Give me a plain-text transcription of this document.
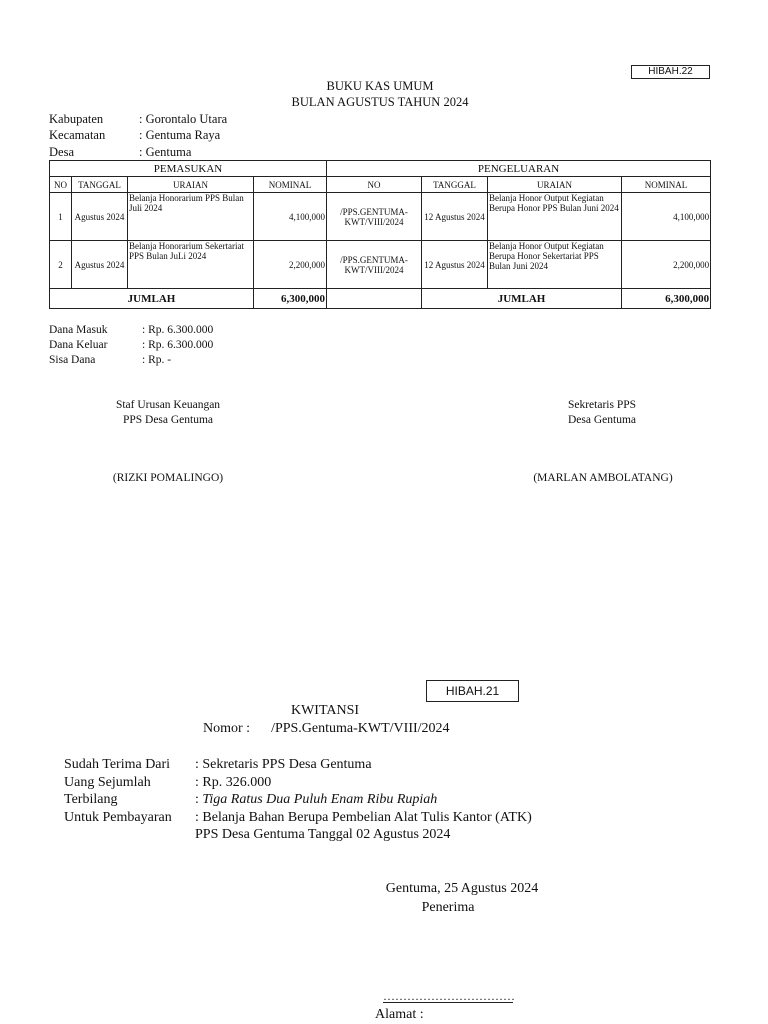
HIBAH.22
BUKU KAS UMUM
BULAN AGUSTUS TAHUN 2024
Kabupaten	: Gorontalo Utara
Kecamatan	: Gentuma Raya
Desa	: Gentuma
PEMASUKAN				PENGELUARAN			
NO	TANGGAL	URAIAN	NOMINAL	NO	TANGGAL	URAIAN	NOMINAL
1	Agustus 2024	Belanja Honorarium PPS Bulan Juli 2024	4,100,000	/PPS.GENTUMA-KWT/VIII/2024	12 Agustus 2024	Belanja Honor Output Kegiatan Berupa Honor PPS Bulan Juni 2024	4,100,000
2	Agustus 2024	Belanja Honorarium Sekertariat PPS Bulan JuLi 2024	2,200,000	/PPS.GENTUMA-KWT/VIII/2024	12 Agustus 2024	Belanja Honor Output Kegiatan Berupa Honor Sekertariat PPS Bulan Juni 2024	2,200,000
JUMLAH			6,300,000		JUMLAH		6,300,000
Dana Masuk	: Rp. 6.300.000
Dana Keluar	: Rp. 6.300.000
Sisa Dana	: Rp. -
Staf Urusan Keuangan
PPS Desa Gentuma
(RIZKI POMALINGO)
Sekretaris PPS
Desa Gentuma
(MARLAN AMBOLATANG)
HIBAH.21
KWITANSI
Nomor : /PPS.Gentuma-KWT/VIII/2024
Sudah Terima Dari : Sekretaris PPS Desa Gentuma
Uang Sejumlah	: Rp. 326.000
Terbilang	: Tiga Ratus Dua Puluh Enam Ribu Rupiah
Untuk Pembayaran : Belanja Bahan Berupa Pembelian Alat Tulis Kantor (ATK)
PPS Desa Gentuma Tanggal 02 Agustus 2024
Gentuma, 25 Agustus 2024
Penerima
……………………………
Alamat :
